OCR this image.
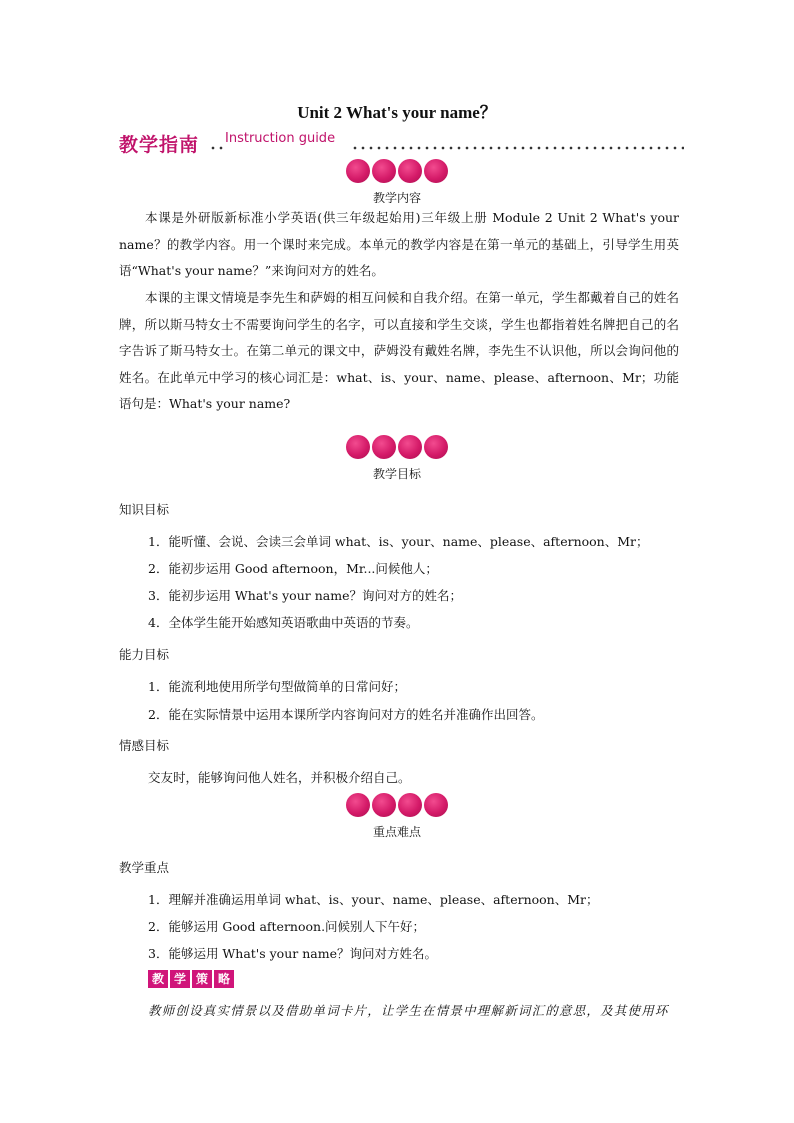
Unit 2 What's your name？
教学指南 Instruction guide
教学内容

本课是外研版新标准小学英语(供三年级起始用)三年级上册 Module 2 Unit 2 What's your name？的教学内容。用一个课时来完成。本单元的教学内容是在第一单元的基础上，引导学生用英语“What's your name？”来询问对方的姓名。

本课的主课文情境是李先生和萨姆的相互问候和自我介绍。在第一单元，学生都戴着自己的姓名牌，所以斯马特女士不需要询问学生的名字，可以直接和学生交谈，学生也都指着姓名牌把自己的名字告诉了斯马特女士。在第二单元的课文中，萨姆没有戴姓名牌，李先生不认识他，所以会询问他的姓名。在此单元中学习的核心词汇是：what、is、your、name、please、afternoon、Mr；功能语句是：What's your name?

教学目标
知识目标
1．能听懂、会说、会读三会单词 what、is、your、name、please、afternoon、Mr；
2．能初步运用 Good afternoon，Mr...问候他人；
3．能初步运用 What's your name？询问对方的姓名；
4．全体学生能开始感知英语歌曲中英语的节奏。
能力目标
1．能流利地使用所学句型做简单的日常问好；
2．能在实际情景中运用本课所学内容询问对方的姓名并准确作出回答。
情感目标
交友时，能够询问他人姓名，并积极介绍自己。
重点难点
教学重点
1．理解并准确运用单词 what、is、your、name、please、afternoon、Mr；
2．能够运用 Good afternoon.问候别人下午好；
3．能够运用 What's your name？询问对方姓名。
教 学 策 略
教师创设真实情景以及借助单词卡片，让学生在情景中理解新词汇的意思，及其使用环
